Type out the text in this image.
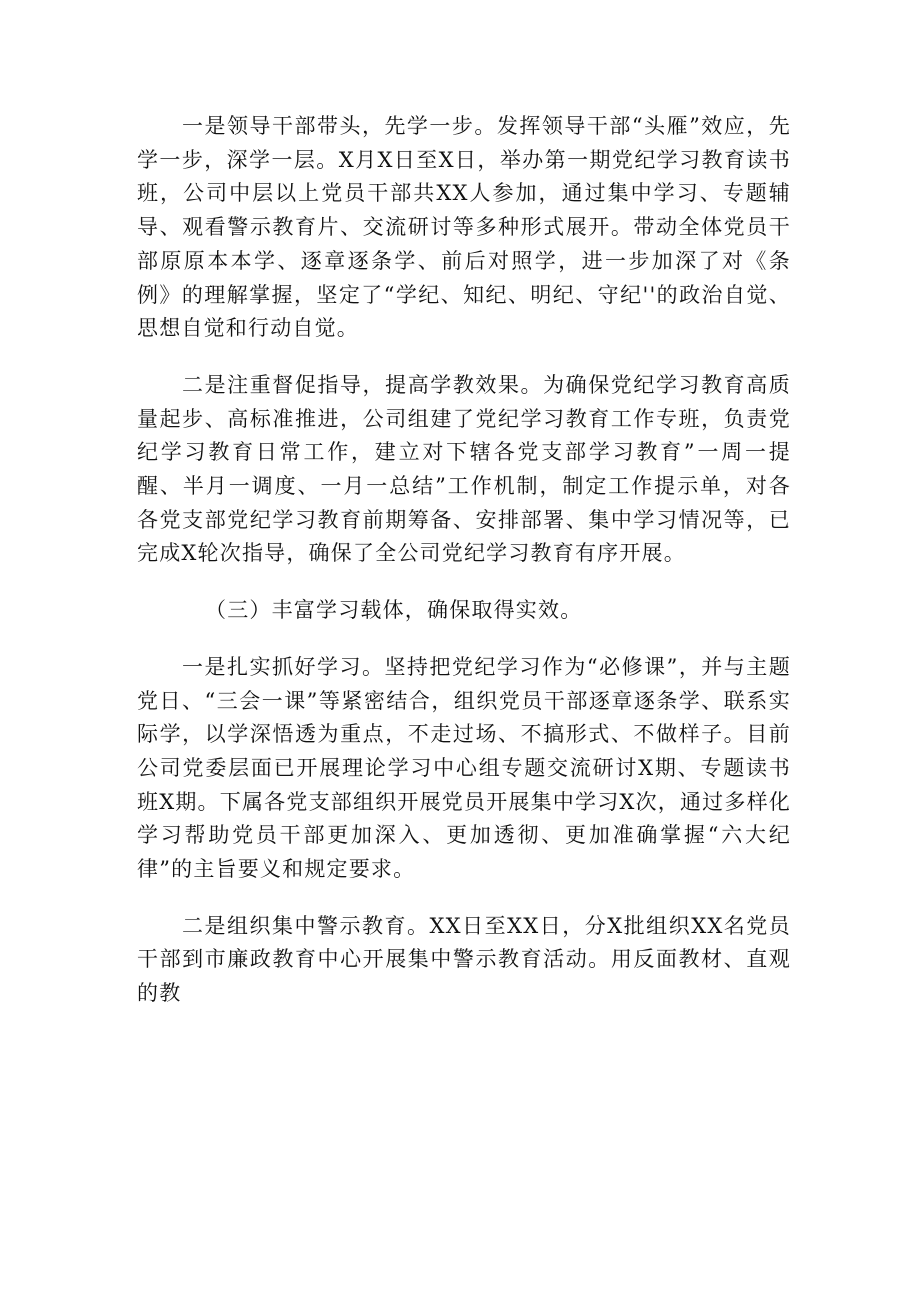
一是领导干部带头，先学一步。发挥领导干部“头雁”效应，先学一步，深学一层。X月X日至X日，举办第一期党纪学习教育读书班，公司中层以上党员干部共XX人参加，通过集中学习、专题辅导、观看警示教育片、交流研讨等多种形式展开。带动全体党员干部原原本本学、逐章逐条学、前后对照学，进一步加深了对《条例》的理解掌握，坚定了“学纪、知纪、明纪、守纪''的政治自觉、思想自觉和行动自觉。

二是注重督促指导，提高学教效果。为确保党纪学习教育高质量起步、高标准推进，公司组建了党纪学习教育工作专班，负责党纪学习教育日常工作，建立对下辖各党支部学习教育”一周一提醒、半月一调度、一月一总结”工作机制，制定工作提示单，对各各党支部党纪学习教育前期筹备、安排部署、集中学习情况等，已完成X轮次指导，确保了全公司党纪学习教育有序开展。

（三）丰富学习载体，确保取得实效。

一是扎实抓好学习。坚持把党纪学习作为“必修课”，并与主题党日、“三会一课”等紧密结合，组织党员干部逐章逐条学、联系实际学，以学深悟透为重点，不走过场、不搞形式、不做样子。目前公司党委层面已开展理论学习中心组专题交流研讨X期、专题读书班X期。下属各党支部组织开展党员开展集中学习X次，通过多样化学习帮助党员干部更加深入、更加透彻、更加准确掌握“六大纪律”的主旨要义和规定要求。

二是组织集中警示教育。XX日至XX日，分X批组织XX名党员干部到市廉政教育中心开展集中警示教育活动。用反面教材、直观的教
